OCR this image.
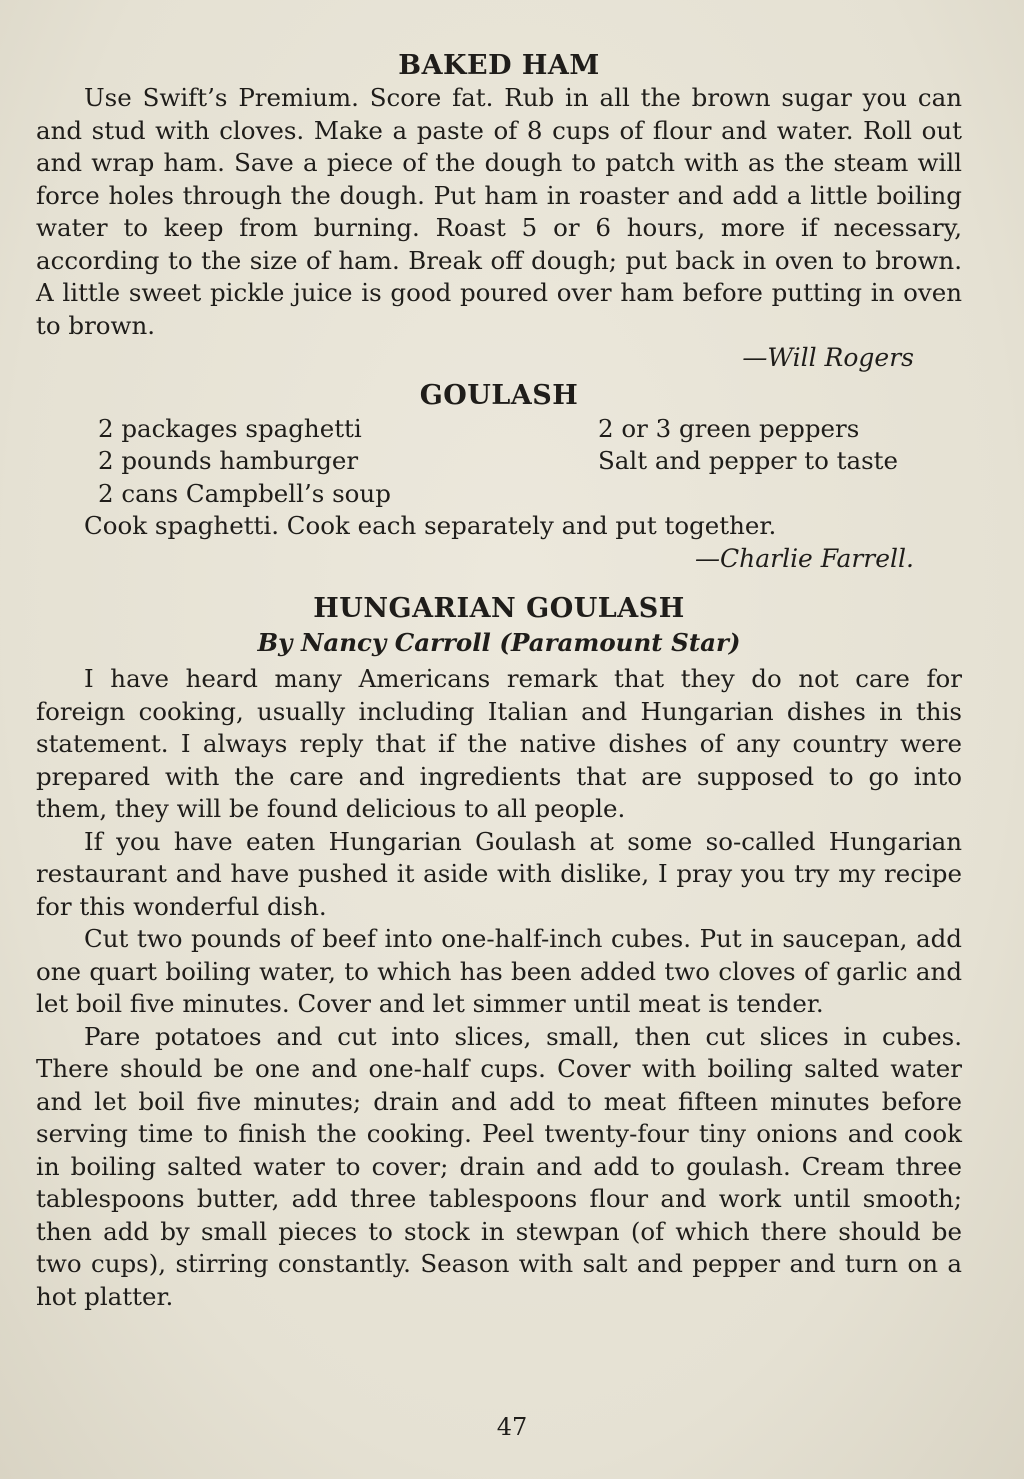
BAKED HAM

Use Swift’s Premium. Score fat. Rub in all the brown sugar you can and stud with cloves. Make a paste of 8 cups of flour and water. Roll out and wrap ham. Save a piece of the dough to patch with as the steam will force holes through the dough. Put ham in roaster and add a little boiling water to keep from burning. Roast 5 or 6 hours, more if necessary, according to the size of ham. Break off dough; put back in oven to brown. A little sweet pickle juice is good poured over ham before putting in oven to brown.

—Will Rogers

GOULASH
2 packages spaghetti
2 pounds hamburger
2 cans Campbell’s soup
2 or 3 green peppers
Salt and pepper to taste

Cook spaghetti. Cook each separately and put together.

—Charlie Farrell.

HUNGARIAN GOULASH

By Nancy Carroll (Paramount Star)

I have heard many Americans remark that they do not care for foreign cooking, usually including Italian and Hungarian dishes in this statement. I always reply that if the native dishes of any country were prepared with the care and ingredients that are supposed to go into them, they will be found delicious to all people.

If you have eaten Hungarian Goulash at some so-called Hungarian restaurant and have pushed it aside with dislike, I pray you try my recipe for this wonderful dish.

Cut two pounds of beef into one-half-inch cubes. Put in saucepan, add one quart boiling water, to which has been added two cloves of garlic and let boil five minutes. Cover and let simmer until meat is tender.

Pare potatoes and cut into slices, small, then cut slices in cubes. There should be one and one-half cups. Cover with boiling salted water and let boil five minutes; drain and add to meat fifteen minutes before serving time to finish the cooking. Peel twenty-four tiny onions and cook in boiling salted water to cover; drain and add to goulash. Cream three tablespoons butter, add three tablespoons flour and work until smooth; then add by small pieces to stock in stewpan (of which there should be two cups), stirring constantly. Season with salt and pepper and turn on a hot platter.

47
